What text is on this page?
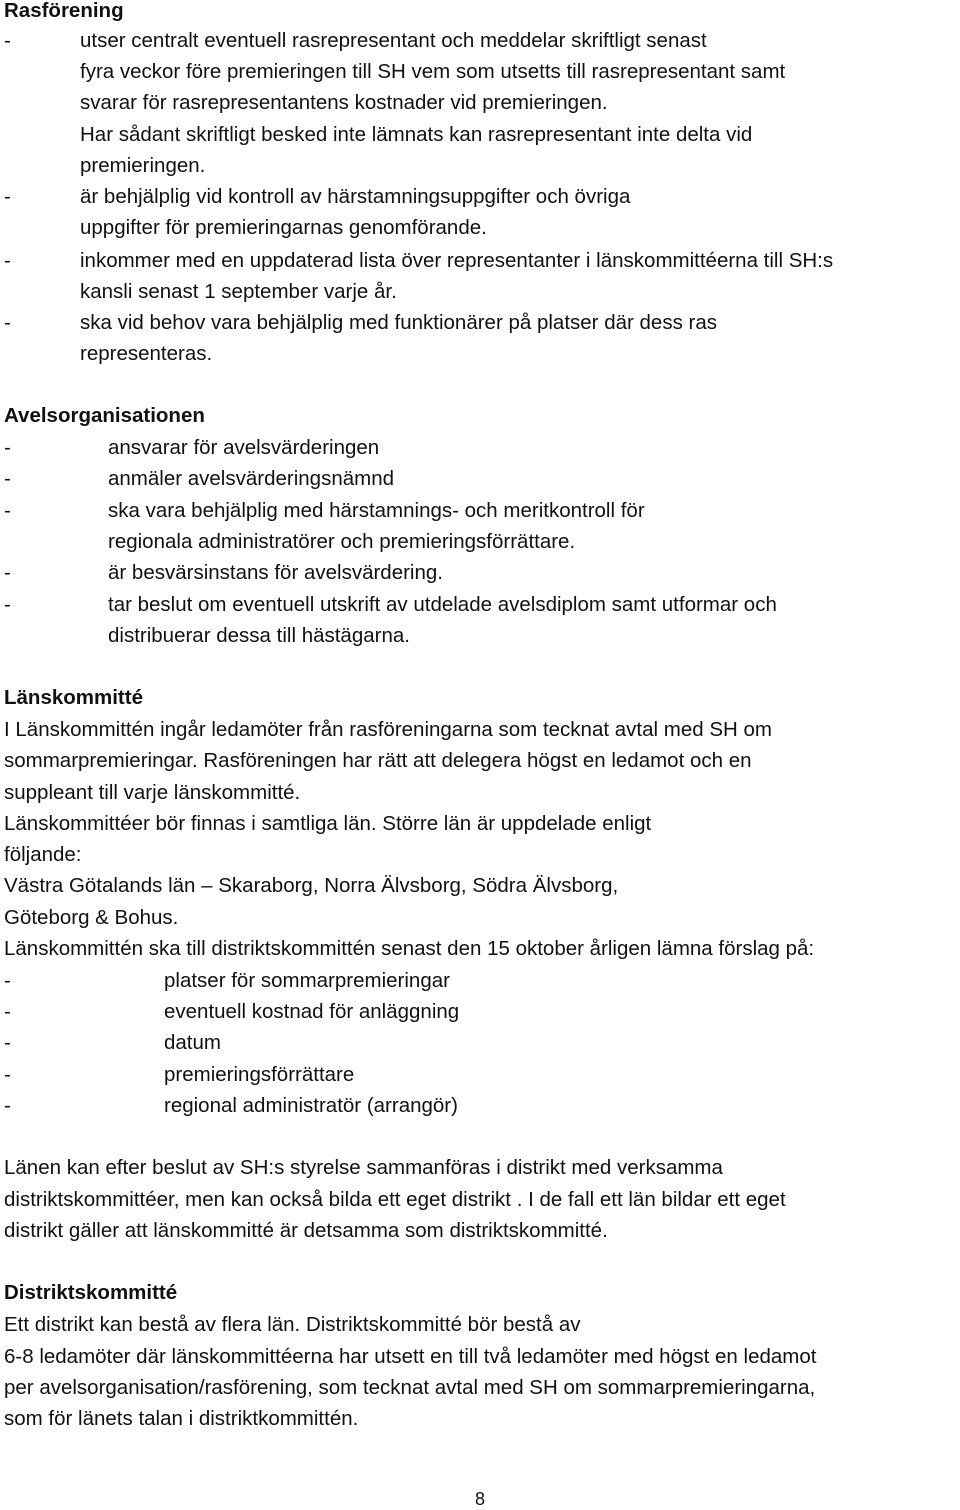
Rasförening
-	utser centralt eventuell rasrepresentant och meddelar skriftligt senast
fyra veckor före premieringen till SH vem som utsetts till rasrepresentant samt
svarar för rasrepresentantens kostnader vid premieringen.
Har sådant skriftligt besked inte lämnats kan rasrepresentant inte delta vid
premieringen.
-	är behjälplig vid kontroll av härstamningsuppgifter och övriga
uppgifter för premieringarnas genomförande.
-	inkommer med en uppdaterad lista över representanter i länskommittéerna till SH:s
kansli senast 1 september varje år.
-	ska vid behov vara behjälplig med funktionärer på platser där dess ras
representeras.
Avelsorganisationen
-	ansvarar för avelsvärderingen
-	anmäler avelsvärderingsnämnd
-	ska vara behjälplig med härstamnings- och meritkontroll för
regionala administratörer och premieringsförrättare.
-	är besvärsinstans för avelsvärdering.
-	tar beslut om eventuell utskrift av utdelade avelsdiplom samt utformar och
distribuerar dessa till hästägarna.
Länskommitté
I Länskommittén ingår ledamöter från rasföreningarna som tecknat avtal med SH om
sommarpremieringar. Rasföreningen har rätt att delegera högst en ledamot och en
suppleant till varje länskommitté.
Länskommittéer bör finnas i samtliga län. Större län är uppdelade enligt
följande:
Västra Götalands län – Skaraborg, Norra Älvsborg, Södra Älvsborg,
Göteborg & Bohus.
Länskommittén ska till distriktskommittén senast den 15 oktober årligen lämna förslag på:
-	platser för sommarpremieringar
-	eventuell kostnad för anläggning
-	datum
-	premieringsförrättare
-	regional administratör (arrangör)
Länen kan efter beslut av SH:s styrelse sammanföras i distrikt med verksamma
distriktskommittéer, men kan också bilda ett eget distrikt . I de fall ett län bildar ett eget
distrikt gäller att länskommitté är detsamma som distriktskommitté.
Distriktskommitté
Ett distrikt kan bestå av flera län. Distriktskommitté bör bestå av
6-8 ledamöter där länskommittéerna har utsett en till två ledamöter med högst en ledamot
per avelsorganisation/rasförening, som tecknat avtal med SH om sommarpremieringarna,
som för länets talan i distriktkommittén.
8
